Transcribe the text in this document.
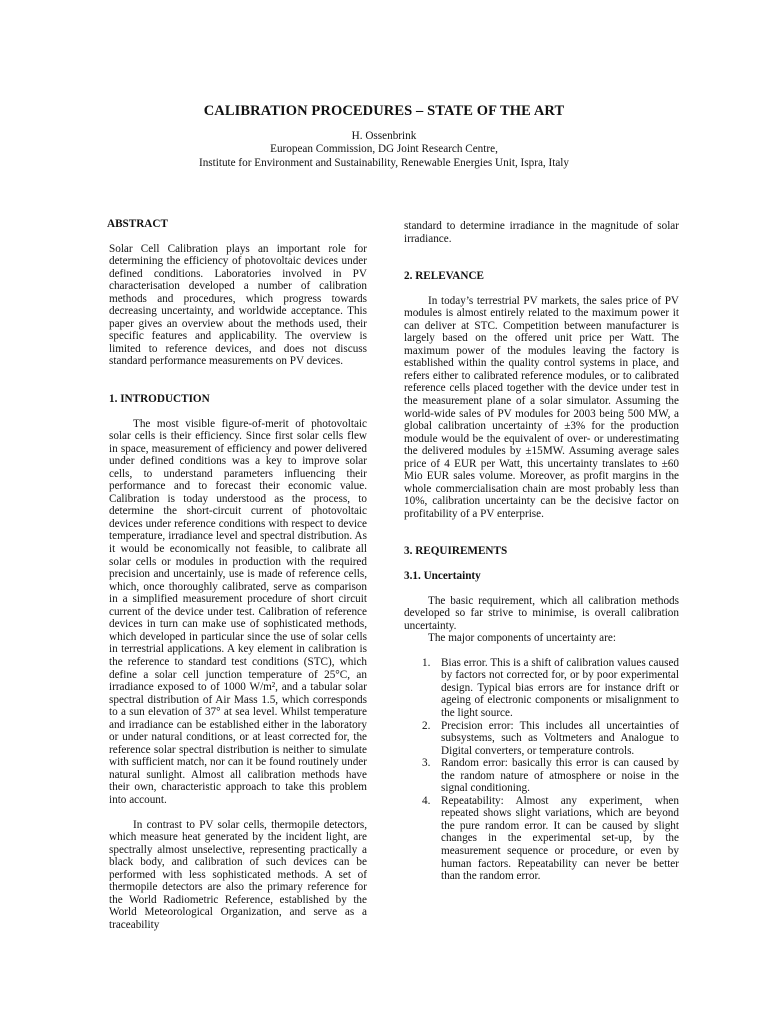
CALIBRATION PROCEDURES – STATE OF THE ART
H. Ossenbrink
European Commission, DG Joint Research Centre,
Institute for Environment and Sustainability, Renewable Energies Unit, Ispra, Italy

ABSTRACT

Solar Cell Calibration plays an important role for determining the efficiency of photovoltaic devices under defined conditions. Laboratories involved in PV characterisation developed a number of calibration methods and procedures, which progress towards decreasing uncertainty, and worldwide acceptance. This paper gives an overview about the methods used, their specific features and applicability. The overview is limited to reference devices, and does not discuss standard performance measurements on PV devices.

1. INTRODUCTION

The most visible figure-of-merit of photovoltaic solar cells is their efficiency. Since first solar cells flew in space, measurement of efficiency and power delivered under defined conditions was a key to improve solar cells, to understand parameters influencing their performance and to forecast their economic value. Calibration is today understood as the process, to determine the short-circuit current of photovoltaic devices under reference conditions with respect to device temperature, irradiance level and spectral distribution. As it would be economically not feasible, to calibrate all solar cells or modules in production with the required precision and uncertainly, use is made of reference cells, which, once thoroughly calibrated, serve as comparison in a simplified measurement procedure of short circuit current of the device under test. Calibration of reference devices in turn can make use of sophisticated methods, which developed in particular since the use of solar cells in terrestrial applications. A key element in calibration is the reference to standard test conditions (STC), which define a solar cell junction temperature of 25°C, an irradiance exposed to of 1000 W/m², and a tabular solar spectral distribution of Air Mass 1.5, which corresponds to a sun elevation of 37° at sea level. Whilst temperature and irradiance can be established either in the laboratory or under natural conditions, or at least corrected for, the reference solar spectral distribution is neither to simulate with sufficient match, nor can it be found routinely under natural sunlight. Almost all calibration methods have their own, characteristic approach to take this problem into account.

In contrast to PV solar cells, thermopile detectors, which measure heat generated by the incident light, are spectrally almost unselective, representing practically a black body, and calibration of such devices can be performed with less sophisticated methods. A set of thermopile detectors are also the primary reference for the World Radiometric Reference, established by the World Meteorological Organization, and serve as a traceability

standard to determine irradiance in the magnitude of solar irradiance.

2. RELEVANCE

In today’s terrestrial PV markets, the sales price of PV modules is almost entirely related to the maximum power it can deliver at STC. Competition between manufacturer is largely based on the offered unit price per Watt. The maximum power of the modules leaving the factory is established within the quality control systems in place, and refers either to calibrated reference modules, or to calibrated reference cells placed together with the device under test in the measurement plane of a solar simulator. Assuming the world-wide sales of PV modules for 2003 being 500 MW, a global calibration uncertainty of ±3% for the production module would be the equivalent of over- or underestimating the delivered modules by ±15MW. Assuming average sales price of 4 EUR per Watt, this uncertainty translates to ±60 Mio EUR sales volume. Moreover, as profit margins in the whole commercialisation chain are most probably less than 10%, calibration uncertainty can be the decisive factor on profitability of a PV enterprise.

3. REQUIREMENTS

3.1. Uncertainty

The basic requirement, which all calibration methods developed so far strive to minimise, is overall calibration uncertainty.

The major components of uncertainty are:

1. Bias error. This is a shift of calibration values caused by factors not corrected for, or by poor experimental design. Typical bias errors are for instance drift or ageing of electronic components or misalignment to the light source.
2. Precision error: This includes all uncertainties of subsystems, such as Voltmeters and Analogue to Digital converters, or temperature controls.
3. Random error: basically this error is can caused by the random nature of atmosphere or noise in the signal conditioning.
4. Repeatability: Almost any experiment, when repeated shows slight variations, which are beyond the pure random error. It can be caused by slight changes in the experimental set-up, by the measurement sequence or procedure, or even by human factors. Repeatability can never be better than the random error.
